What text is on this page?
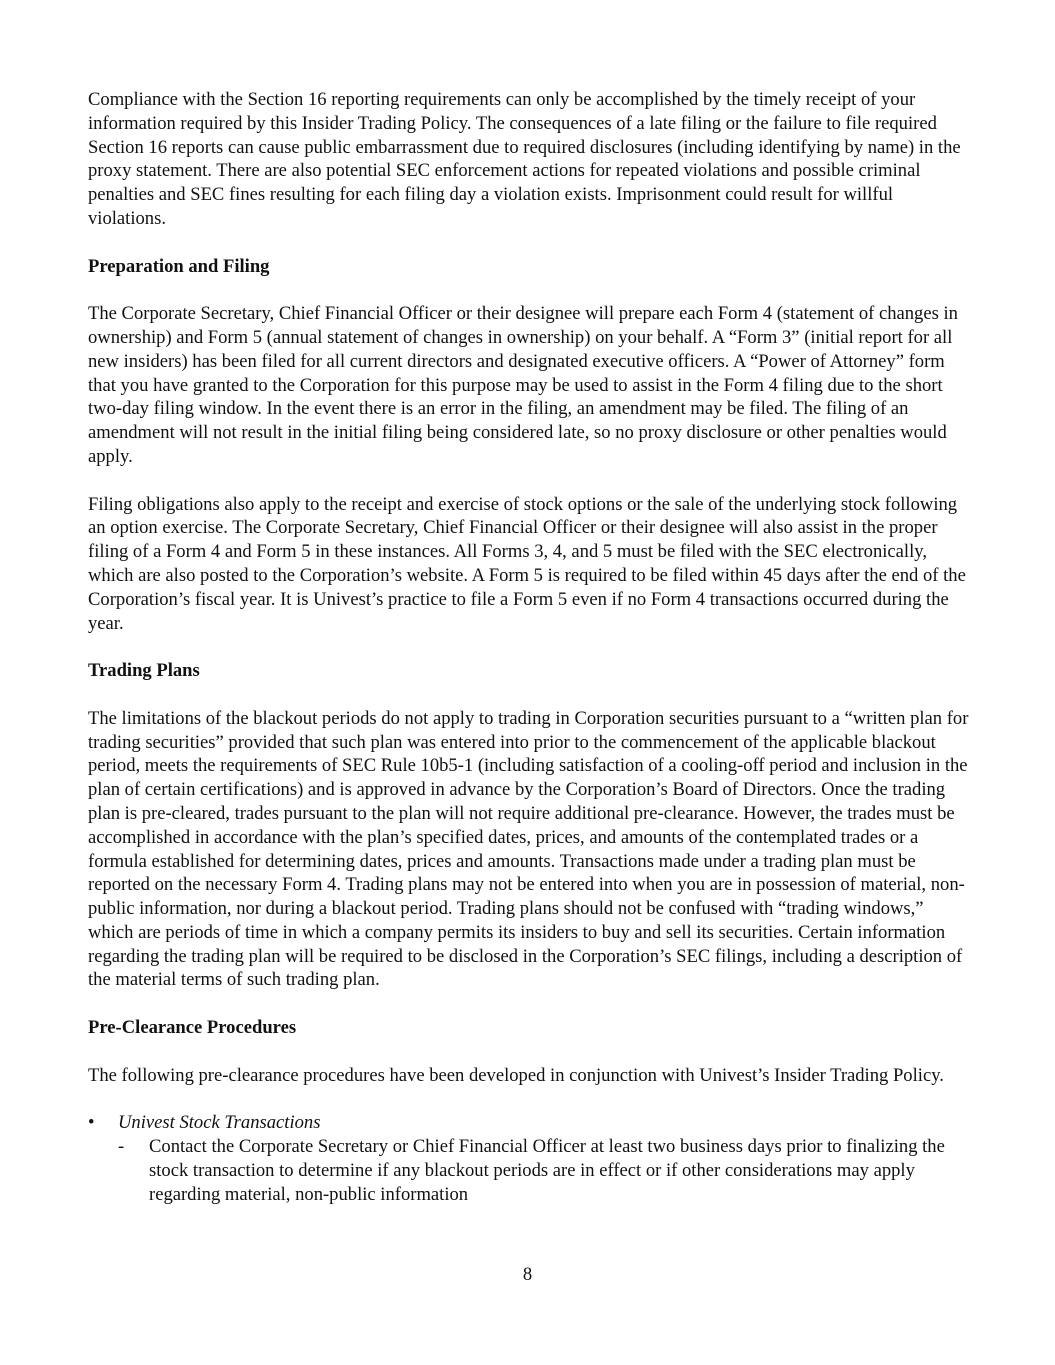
Compliance with the Section 16 reporting requirements can only be accomplished by the timely receipt of your information required by this Insider Trading Policy. The consequences of a late filing or the failure to file required Section 16 reports can cause public embarrassment due to required disclosures (including identifying by name) in the proxy statement. There are also potential SEC enforcement actions for repeated violations and possible criminal penalties and SEC fines resulting for each filing day a violation exists. Imprisonment could result for willful violations.

Preparation and Filing

The Corporate Secretary, Chief Financial Officer or their designee will prepare each Form 4 (statement of changes in ownership) and Form 5 (annual statement of changes in ownership) on your behalf. A “Form 3” (initial report for all new insiders) has been filed for all current directors and designated executive officers. A “Power of Attorney” form that you have granted to the Corporation for this purpose may be used to assist in the Form 4 filing due to the short two-day filing window. In the event there is an error in the filing, an amendment may be filed. The filing of an amendment will not result in the initial filing being considered late, so no proxy disclosure or other penalties would apply.

Filing obligations also apply to the receipt and exercise of stock options or the sale of the underlying stock following an option exercise. The Corporate Secretary, Chief Financial Officer or their designee will also assist in the proper filing of a Form 4 and Form 5 in these instances. All Forms 3, 4, and 5 must be filed with the SEC electronically, which are also posted to the Corporation’s website. A Form 5 is required to be filed within 45 days after the end of the Corporation’s fiscal year. It is Univest’s practice to file a Form 5 even if no Form 4 transactions occurred during the year.

Trading Plans

The limitations of the blackout periods do not apply to trading in Corporation securities pursuant to a “written plan for trading securities” provided that such plan was entered into prior to the commencement of the applicable blackout period, meets the requirements of SEC Rule 10b5-1 (including satisfaction of a cooling-off period and inclusion in the plan of certain certifications) and is approved in advance by the Corporation’s Board of Directors. Once the trading plan is pre-cleared, trades pursuant to the plan will not require additional pre-clearance. However, the trades must be accomplished in accordance with the plan’s specified dates, prices, and amounts of the contemplated trades or a formula established for determining dates, prices and amounts. Transactions made under a trading plan must be reported on the necessary Form 4. Trading plans may not be entered into when you are in possession of material, non-public information, nor during a blackout period. Trading plans should not be confused with “trading windows,” which are periods of time in which a company permits its insiders to buy and sell its securities. Certain information regarding the trading plan will be required to be disclosed in the Corporation’s SEC filings, including a description of the material terms of such trading plan.

Pre-Clearance Procedures

The following pre-clearance procedures have been developed in conjunction with Univest’s Insider Trading Policy.

• Univest Stock Transactions
- Contact the Corporate Secretary or Chief Financial Officer at least two business days prior to finalizing the stock transaction to determine if any blackout periods are in effect or if other considerations may apply regarding material, non-public information
8
